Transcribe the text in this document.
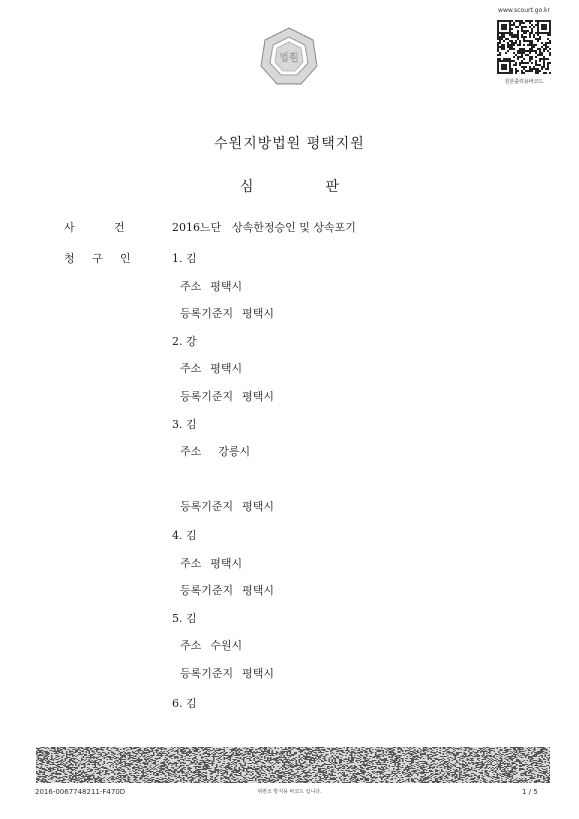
법원
www.scourt.go.kr
원본출력용바코드
수원지방법원 평택지원
심	판
사	건	2016느단 상속한정승인 및 상속포기
청 구 인	1. 김
주소 평택시
등록기준지 평택시
2. 강
주소 평택시
등록기준지 평택시
3. 김
주소 강릉시
등록기준지 평택시
4. 김
주소 평택시
등록기준지 평택시
5. 김
주소 수원시
등록기준지 평택시
6. 김
2016-0067748211-F470D	위변조 방지용 바코드 입니다.	1 / 5
